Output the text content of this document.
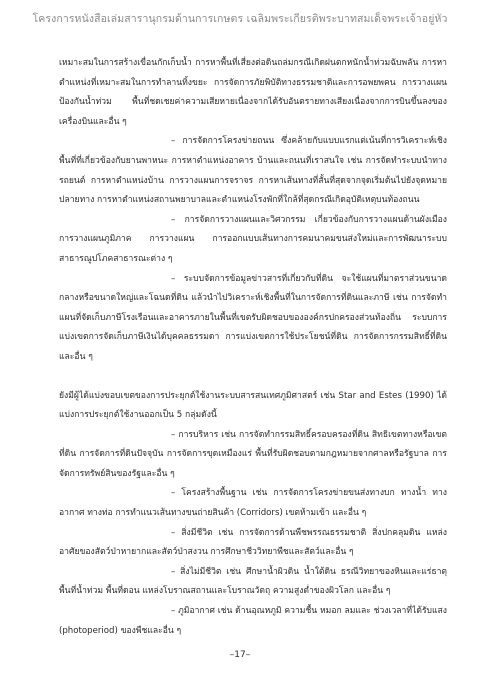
โครงการหนังสือเล่มสารานุกรมด้านการเกษตร เฉลิมพระเกียรติพระบาทสมเด็จพระเจ้าอยู่หัว

เหมาะสมในการสร้างเขื่อนกักเก็บน้ำ การหาพื้นที่เสี่ยงต่อดินถล่มกรณีเกิดฝนตกหนักน้ำท่วมฉับพลัน การหาตำแหน่งที่เหมาะสมในการทำลานทิ้งขยะ การจัดการภัยพิบัติทางธรรมชาติและการอพยพคน การวางแผนป้องกันน้ำท่วม พื้นที่ชดเชยค่าความเสียหายเนื่องจากได้รับอันตรายทางเสียงเนื่องจากการบินขึ้นลงของเครื่องบินและอื่น ๆ

– การจัดการโครงข่ายถนน ซึ่งคล้ายกับแบบแรกแต่เน้นที่การวิเคราะห์เชิงพื้นที่ที่เกี่ยวข้องกับยานพาหนะ การหาตำแหน่งอาคาร บ้านและถนนที่เราสนใจ เช่น การจัดทำระบบนำทางรถยนต์ การหาตำแหน่งบ้าน การวางแผนการจราจร การหาเส้นทางที่สั้นที่สุดจากจุดเริ่มต้นไปยังจุดหมายปลายทาง การหาตำแหน่งสถานพยาบาลและตำแหน่งโรงพักที่ใกล้ที่สุดกรณีเกิดอุบัติเหตุบนท้องถนน

– การจัดการวางแผนและวิศวกรรม เกี่ยวข้องกับการวางแผนด้านผังเมือง การวางแผนภูมิภาค การวางแผน การออกแบบเส้นทางการคมนาคมขนส่งใหม่และการพัฒนาระบบสาธารณูปโภคสาธารณะต่าง ๆ

– ระบบจัดการข้อมูลข่าวสารที่เกี่ยวกับที่ดิน จะใช้แผนที่มาตราส่วนขนาดกลางหรือขนาดใหญ่และโฉนดที่ดิน แล้วนำไปวิเคราะห์เชิงพื้นที่ในการจัดการที่ดินและภาษี เช่น การจัดทำแผนที่จัดเก็บภาษีโรงเรือนและอาคารภายในพื้นที่เขตรับผิดชอบขององค์กรปกครองส่วนท้องถิ่น ระบบการแบ่งเขตการจัดเก็บภาษีเงินได้บุคคลธรรมดา การแบ่งเขตการใช้ประโยชน์ที่ดิน การจัดการกรรมสิทธิ์ที่ดิน และอื่น ๆ

ยังมีผู้ได้แบ่งขอบเขตของการประยุกต์ใช้งานระบบสารสนเทศภูมิศาสตร์ เช่น Star and Estes (1990) ได้แบ่งการประยุกต์ใช้งานออกเป็น 5 กลุ่มดังนี้

– การบริหาร เช่น การจัดทำกรรมสิทธิ์ครอบครองที่ดิน สิทธิเขตทางหรือเขตที่ดิน การจัดการที่ดินปัจจุบัน การจัดการขุดเหมืองแร่ พื้นที่รับผิดชอบตามกฎหมายจากศาลหรือรัฐบาล การจัดการทรัพย์สินของรัฐและอื่น ๆ

– โครงสร้างพื้นฐาน เช่น การจัดการโครงข่ายขนส่งทางบก ทางน้ำ ทางอากาศ ทางท่อ การทำแนวเส้นทางขนถ่ายสินค้า (Corridors) เขตห้ามเข้า และอื่น ๆ

– สิ่งมีชีวิต เช่น การจัดการด้านพืชพรรณธรรมชาติ สิ่งปกคลุมดิน แหล่งอาศัยของสัตว์ป่าหายากและสัตว์ป่าสงวน การศึกษาชีววิทยาพืชและสัตว์และอื่น ๆ

– สิ่งไม่มีชีวิต เช่น ศึกษาน้ำผิวดิน น้ำใต้ดิน ธรณีวิทยาของหินและแร่ธาตุ พื้นที่น้ำท่วม พื้นที่ดอน แหล่งโบราณสถานและโบราณวัตถุ ความสูงต่ำของผิวโลก และอื่น ๆ

– ภูมิอากาศ เช่น ด้านอุณหภูมิ ความชื้น หมอก ลมและ ช่วงเวลาที่ได้รับแสง (photoperiod) ของพืชและอื่น ๆ

–17–
